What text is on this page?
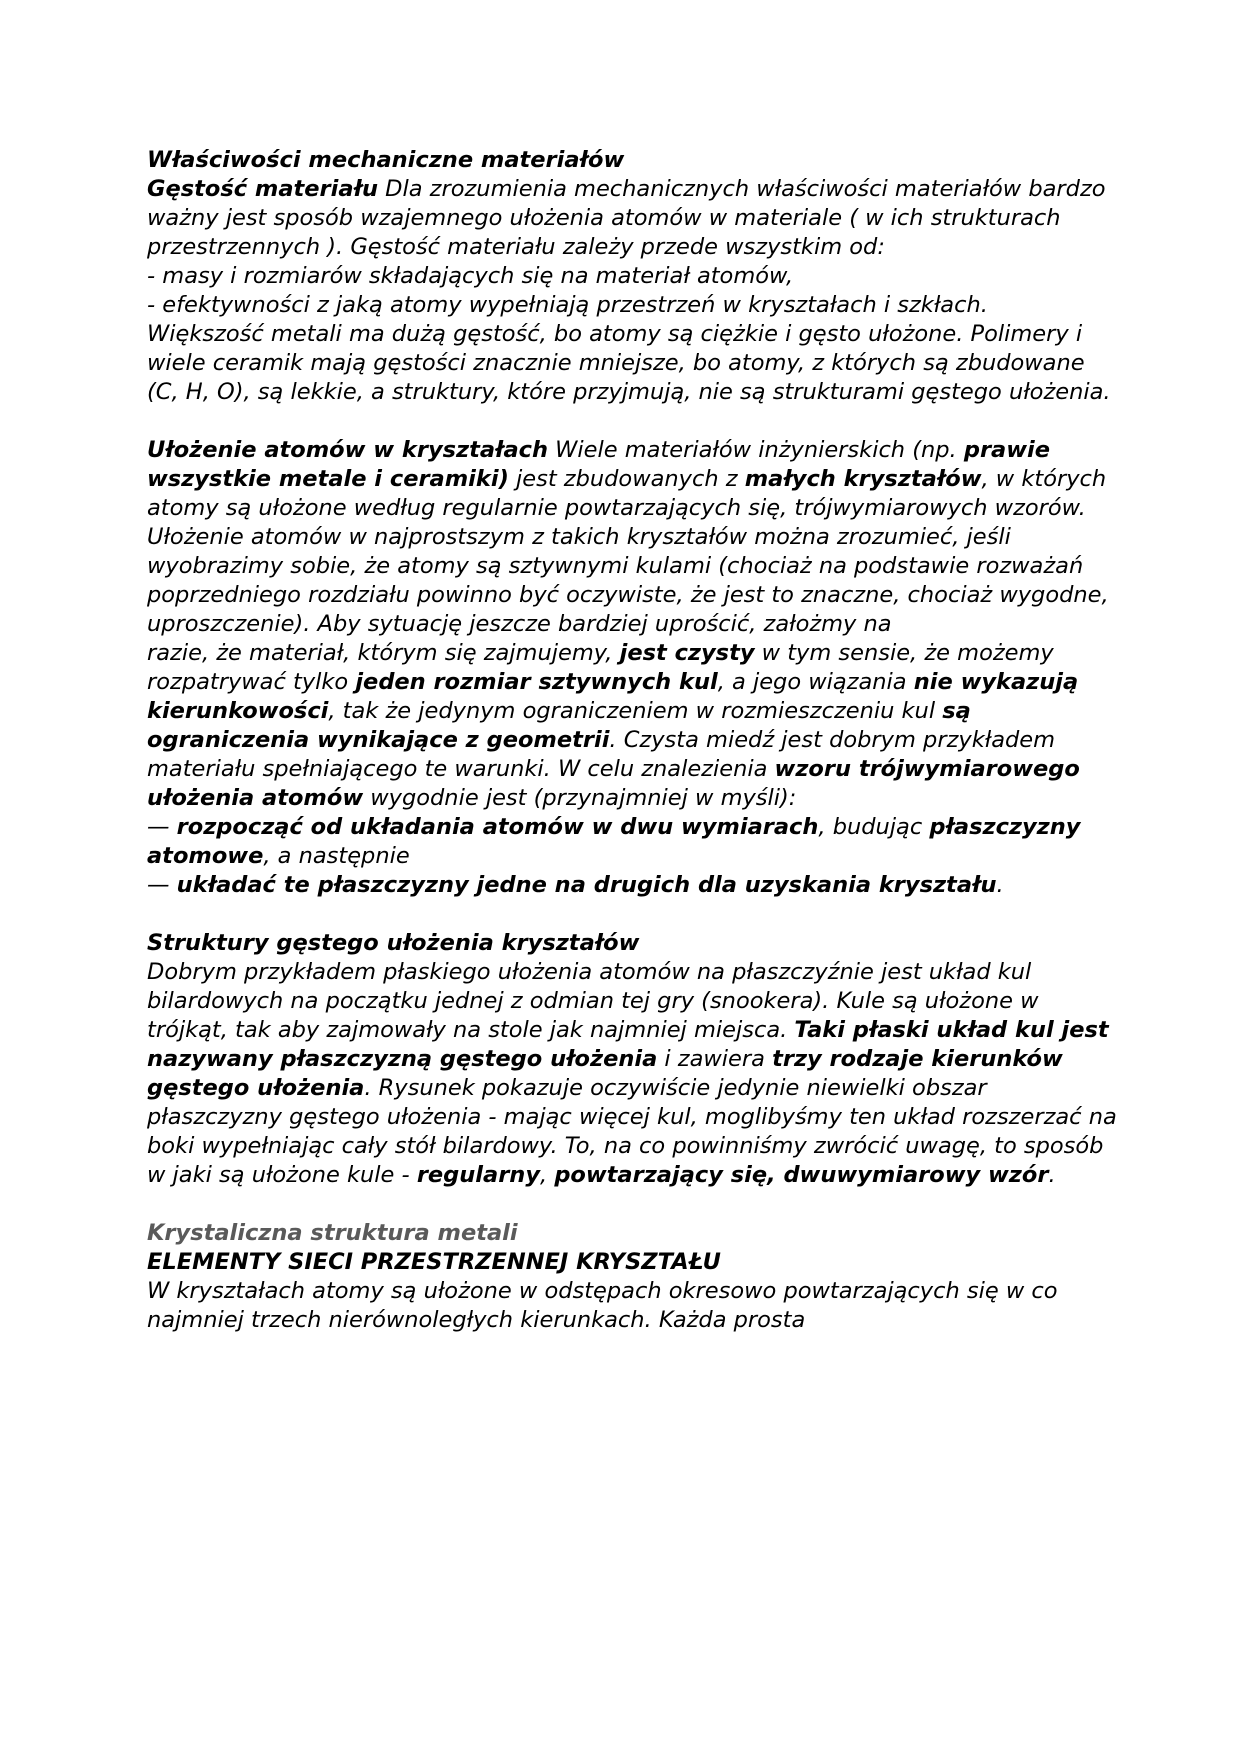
Właściwości mechaniczne materiałów

Gęstość materiału Dla zrozumienia mechanicznych właściwości materiałów bardzo ważny jest sposób wzajemnego ułożenia atomów w materiale ( w ich strukturach przestrzennych ). Gęstość materiału zależy przede wszystkim od:

- masy i rozmiarów składających się na materiał atomów,

- efektywności z jaką atomy wypełniają przestrzeń w kryształach i szkłach.

Większość metali ma dużą gęstość, bo atomy są ciężkie i gęsto ułożone. Polimery i wiele ceramik mają gęstości znacznie mniejsze, bo atomy, z których są zbudowane (C, H, O), są lekkie, a struktury, które przyjmują, nie są strukturami gęstego ułożenia.

Ułożenie atomów w kryształach Wiele materiałów inżynierskich (np. prawie wszystkie metale i ceramiki) jest zbudowanych z małych kryształów, w których atomy są ułożone według regularnie powtarzających się, trójwymiarowych wzorów.

Ułożenie atomów w najprostszym z takich kryształów można zrozumieć, jeśli wyobrazimy sobie, że atomy są sztywnymi kulami (chociaż na podstawie rozważań poprzedniego rozdziału powinno być oczywiste, że jest to znaczne, chociaż wygodne, uproszczenie). Aby sytuację jeszcze bardziej uprościć, założmy na

razie, że materiał, którym się zajmujemy, jest czysty w tym sensie, że możemy rozpatrywać tylko jeden rozmiar sztywnych kul, a jego wiązania nie wykazują kierunkowości, tak że jedynym ograniczeniem w rozmieszczeniu kul są ograniczenia wynikające z geometrii. Czysta miedź jest dobrym przykładem

materiału spełniającego te warunki. W celu znalezienia wzoru trójwymiarowego ułożenia atomów wygodnie jest (przynajmniej w myśli):

— rozpocząć od układania atomów w dwu wymiarach, budując płaszczyzny atomowe, a następnie

— układać te płaszczyzny jedne na drugich dla uzyskania kryształu.

Struktury gęstego ułożenia kryształów

Dobrym przykładem płaskiego ułożenia atomów na płaszczyźnie jest układ kul bilardowych na początku jednej z odmian tej gry (snookera). Kule są ułożone w trójkąt, tak aby zajmowały na stole jak najmniej miejsca. Taki płaski układ kul jest nazywany płaszczyzną gęstego ułożenia i zawiera trzy rodzaje kierunków gęstego ułożenia. Rysunek pokazuje oczywiście jedynie niewielki obszar

płaszczyzny gęstego ułożenia - mając więcej kul, moglibyśmy ten układ rozszerzać na boki wypełniając cały stół bilardowy. To, na co powinniśmy zwrócić uwagę, to sposób w jaki są ułożone kule - regularny, powtarzający się, dwuwymiarowy wzór.

Krystaliczna struktura metali

ELEMENTY SIECI PRZESTRZENNEJ KRYSZTAŁU

W kryształach atomy są ułożone w odstępach okresowo powtarzających się w co najmniej trzech nierównoległych kierunkach. Każda prosta
